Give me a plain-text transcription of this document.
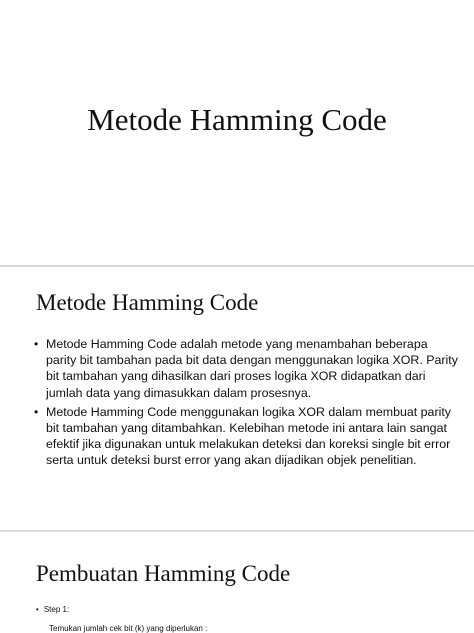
Metode Hamming Code
Metode Hamming Code
• Metode Hamming Code adalah metode yang menambahan beberapa parity bit tambahan pada bit data dengan menggunakan logika XOR. Parity bit tambahan yang dihasilkan dari proses logika XOR didapatkan dari jumlah data yang dimasukkan dalam prosesnya.
• Metode Hamming Code menggunakan logika XOR dalam membuat parity bit tambahan yang ditambahkan. Kelebihan metode ini antara lain sangat efektif jika digunakan untuk melakukan deteksi dan koreksi single bit error serta untuk deteksi burst error yang akan dijadikan objek penelitian.
Pembuatan Hamming Code
• Step 1:
Temukan jumlah cek bit (k) yang diperlukan :
